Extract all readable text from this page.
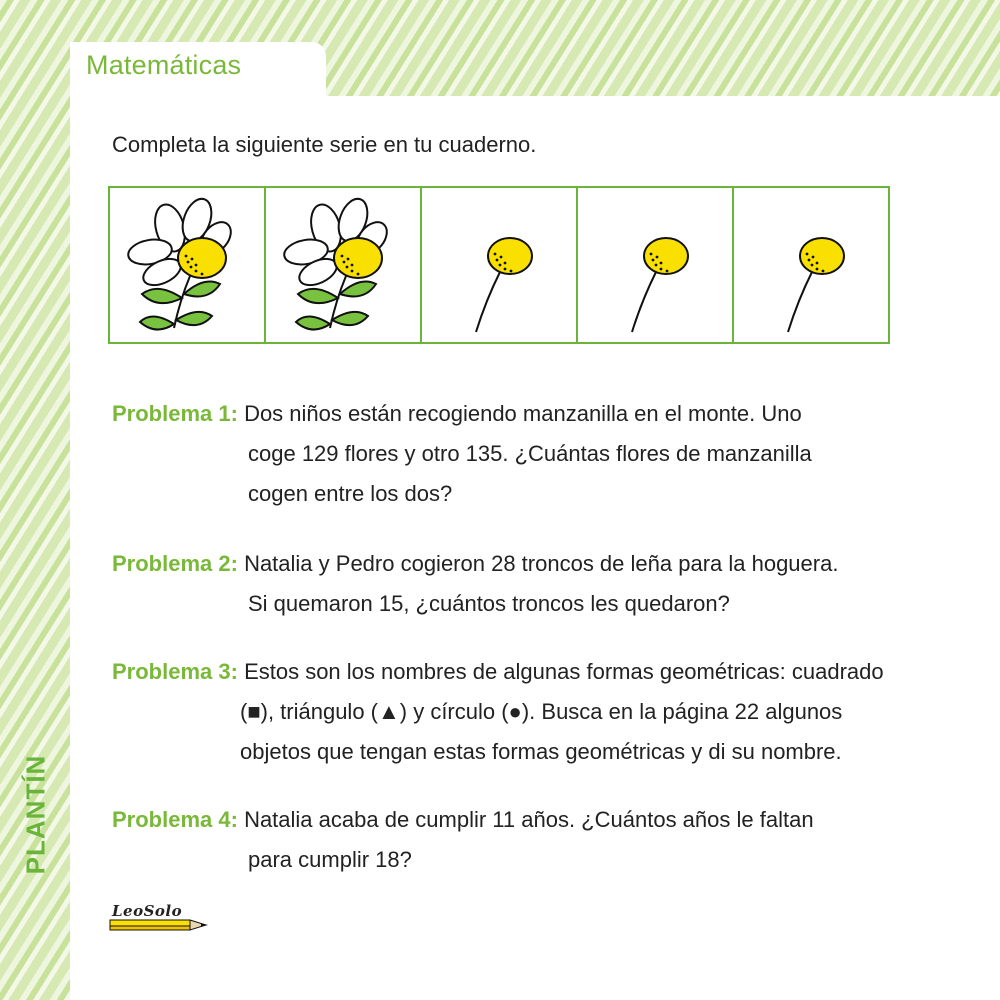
Matemáticas
Completa la siguiente serie en tu cuaderno.
Problema 1: Dos niños están recogiendo manzanilla en el monte. Uno
coge 129 flores y otro 135. ¿Cuántas flores de manzanilla
cogen entre los dos?
Problema 2: Natalia y Pedro cogieron 28 troncos de leña para la hoguera.
Si quemaron 15, ¿cuántos troncos les quedaron?
Problema 3: Estos son los nombres de algunas formas geométricas: cuadrado
(■), triángulo (▲) y círculo (●). Busca en la página 22 algunos
objetos que tengan estas formas geométricas y di su nombre.
Problema 4: Natalia acaba de cumplir 11 años. ¿Cuántos años le faltan
para cumplir 18?
PLANTÍN
LeoSolo
